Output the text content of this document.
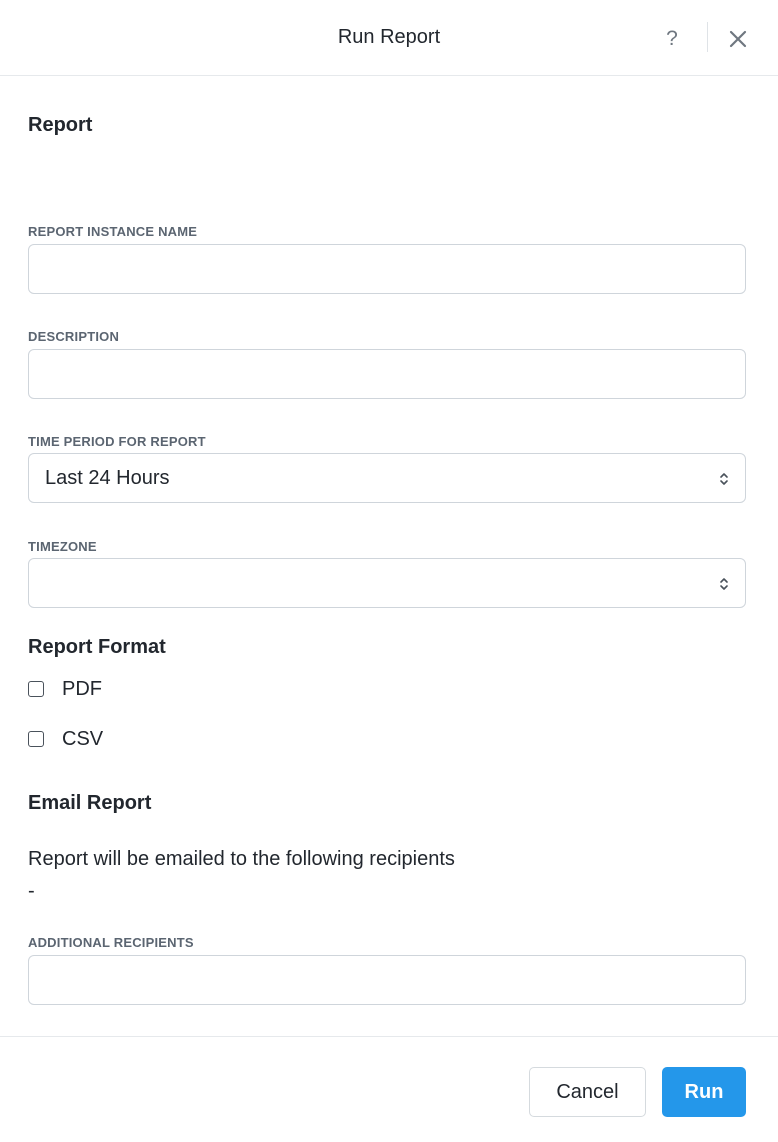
Run Report	?
Report
REPORT INSTANCE NAME
DESCRIPTION
TIME PERIOD FOR REPORT
Last 24 Hours
TIMEZONE
Report Format
PDF
CSV
Email Report
Report will be emailed to the following recipients
-
ADDITIONAL RECIPIENTS
Cancel	Run
